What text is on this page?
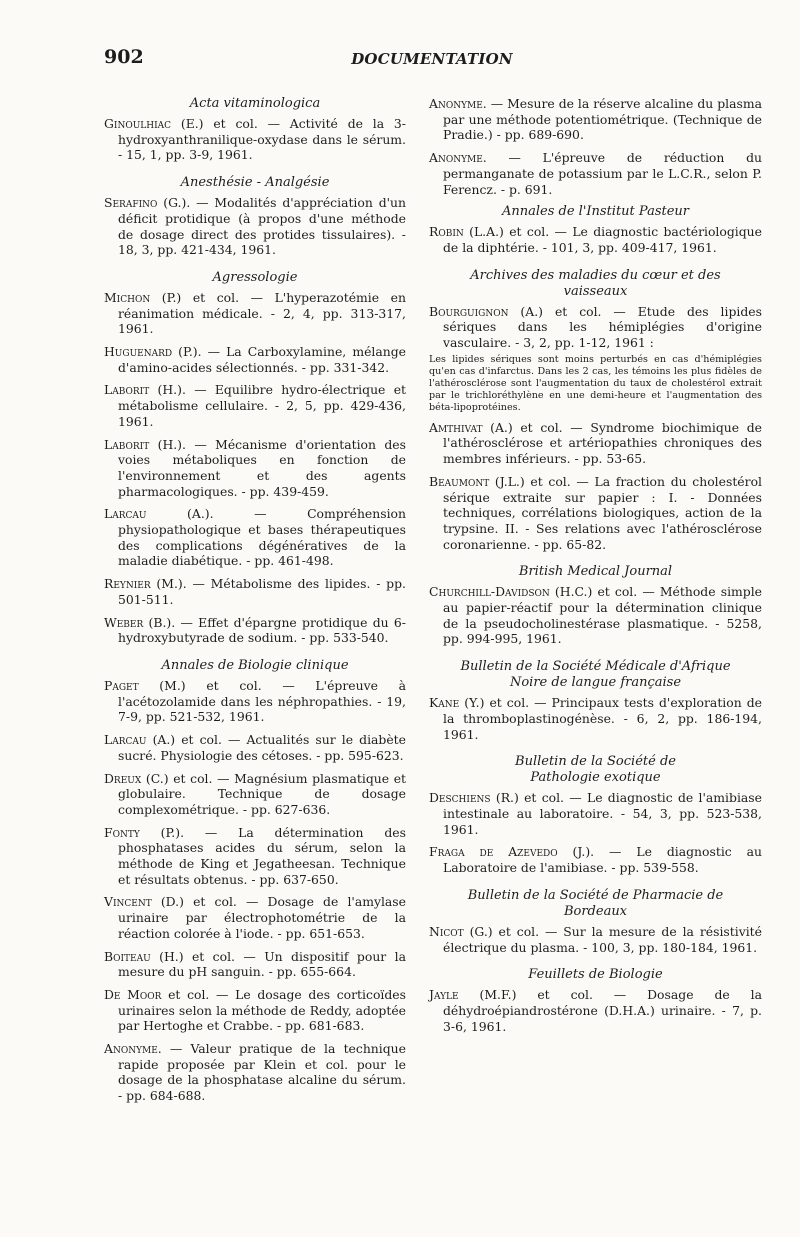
902	DOCUMENTATION
Acta vitaminologica

Ginoulhiac (E.) et col. — Activité de la 3-hydroxyanthranilique-oxydase dans le sérum. - 15, 1, pp. 3-9, 1961.

Anesthésie - Analgésie

Serafino (G.). — Modalités d'appréciation d'un déficit protidique (à propos d'une méthode de dosage direct des protides tissulaires). - 18, 3, pp. 421-434, 1961.

Agressologie

Michon (P.) et col. — L'hyperazotémie en réanimation médicale. - 2, 4, pp. 313-317, 1961.

Huguenard (P.). — La Carboxylamine, mélange d'amino-acides sélectionnés. - pp. 331-342.

Laborit (H.). — Equilibre hydro-électrique et métabolisme cellulaire. - 2, 5, pp. 429-436, 1961.

Laborit (H.). — Mécanisme d'orientation des voies métaboliques en fonction de l'environnement et des agents pharmacologiques. - pp. 439-459.

Larcau (A.). — Compréhension physiopathologique et bases thérapeutiques des complications dégénératives de la maladie diabétique. - pp. 461-498.

Reynier (M.). — Métabolisme des lipides. - pp. 501-511.

Weber (B.). — Effet d'épargne protidique du 6-hydroxybutyrade de sodium. - pp. 533-540.

Annales de Biologie clinique

Paget (M.) et col. — L'épreuve à l'acétozolamide dans les néphropathies. - 19, 7-9, pp. 521-532, 1961.

Larcau (A.) et col. — Actualités sur le diabète sucré. Physiologie des cétoses. - pp. 595-623.

Dreux (C.) et col. — Magnésium plasmatique et globulaire. Technique de dosage complexométrique. - pp. 627-636.

Fonty (P.). — La détermination des phosphatases acides du sérum, selon la méthode de King et Jegatheesan. Technique et résultats obtenus. - pp. 637-650.

Vincent (D.) et col. — Dosage de l'amylase urinaire par électrophotométrie de la réaction colorée à l'iode. - pp. 651-653.

Boiteau (H.) et col. — Un dispositif pour la mesure du pH sanguin. - pp. 655-664.

De Moor et col. — Le dosage des corticoïdes urinaires selon la méthode de Reddy, adoptée par Hertoghe et Crabbe. - pp. 681-683.

Anonyme. — Valeur pratique de la technique rapide proposée par Klein et col. pour le dosage de la phosphatase alcaline du sérum. - pp. 684-688.

Anonyme. — Mesure de la réserve alcaline du plasma par une méthode potentiométrique. (Technique de Pradie.) - pp. 689-690.

Anonyme. — L'épreuve de réduction du permanganate de potassium par le L.C.R., selon P. Ferencz. - p. 691.

Annales de l'Institut Pasteur

Robin (L.A.) et col. — Le diagnostic bactériologique de la diphtérie. - 101, 3, pp. 409-417, 1961.

Archives des maladies du cœur et des vaisseaux

Bourguignon (A.) et col. — Etude des lipides sériques dans les hémiplégies d'origine vasculaire. - 3, 2, pp. 1-12, 1961 :

Les lipides sériques sont moins perturbés en cas d'hémiplégies qu'en cas d'infarctus. Dans les 2 cas, les témoins les plus fidèles de l'athérosclérose sont l'augmentation du taux de cholestérol extrait par le trichloréthylène en une demi-heure et l'augmentation des béta-lipoprotéines.

Amthivat (A.) et col. — Syndrome biochimique de l'athérosclérose et artériopathies chroniques des membres inférieurs. - pp. 53-65.

Beaumont (J.L.) et col. — La fraction du cholestérol sérique extraite sur papier : I. - Données techniques, corrélations biologiques, action de la trypsine. II. - Ses relations avec l'athérosclérose coronarienne. - pp. 65-82.

British Medical Journal

Churchill-Davidson (H.C.) et col. — Méthode simple au papier-réactif pour la détermination clinique de la pseudocholinestérase plasmatique. - 5258, pp. 994-995, 1961.

Bulletin de la Société Médicale d'Afrique Noire de langue française

Kane (Y.) et col. — Principaux tests d'exploration de la thromboplastinogénèse. - 6, 2, pp. 186-194, 1961.

Bulletin de la Société de Pathologie exotique

Deschiens (R.) et col. — Le diagnostic de l'amibiase intestinale au laboratoire. - 54, 3, pp. 523-538, 1961.

Fraga de Azevedo (J.). — Le diagnostic au Laboratoire de l'amibiase. - pp. 539-558.

Bulletin de la Société de Pharmacie de Bordeaux

Nicot (G.) et col. — Sur la mesure de la résistivité électrique du plasma. - 100, 3, pp. 180-184, 1961.

Feuillets de Biologie

Jayle (M.F.) et col. — Dosage de la déhydroépiandrostérone (D.H.A.) urinaire. - 7, p. 3-6, 1961.
